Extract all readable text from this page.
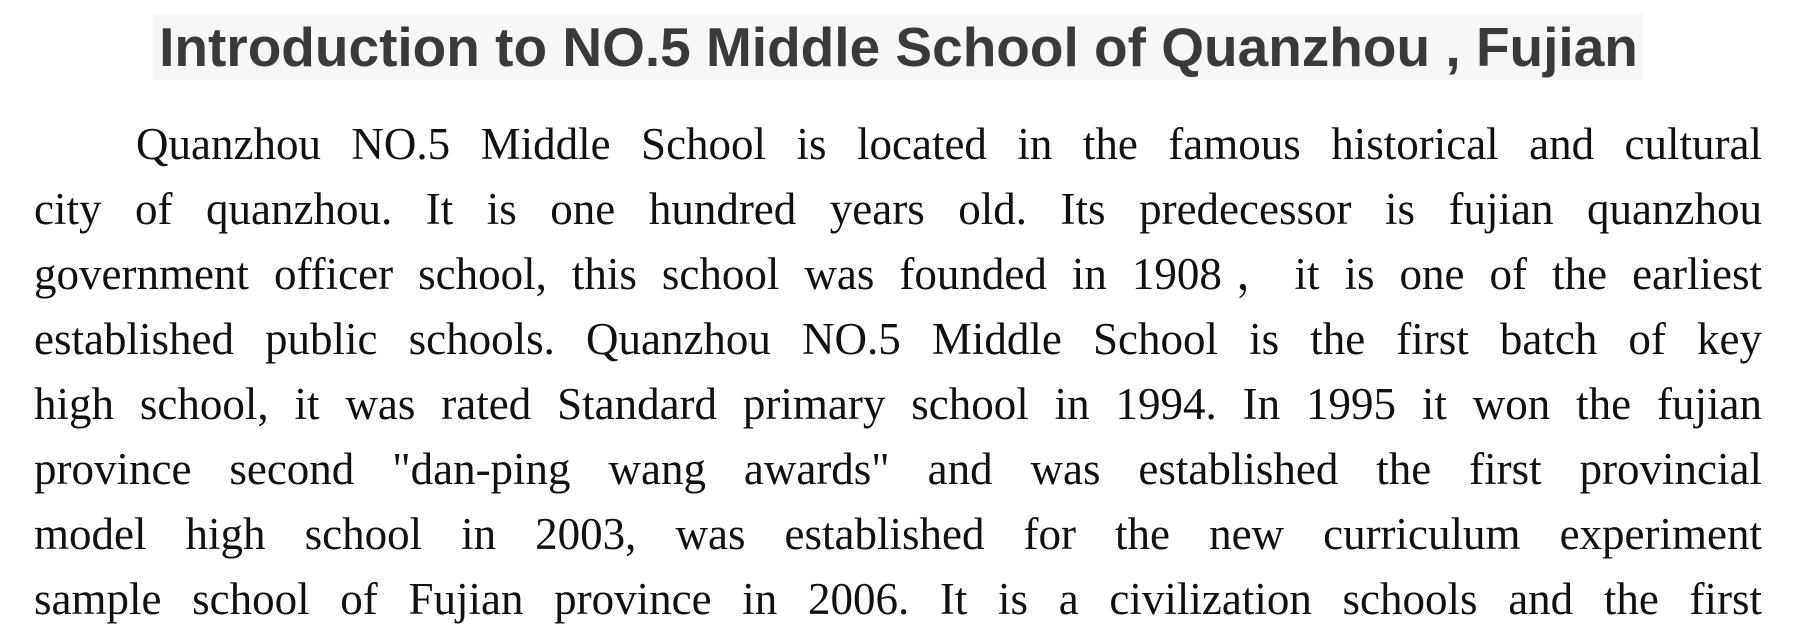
Introduction to NO.5 Middle School of Quanzhou , Fujian

Quanzhou NO.5 Middle School is located in the famous historical and cultural
city of quanzhou. It is one hundred years old. Its predecessor is fujian quanzhou
government officer school, this school was founded in 1908，it is one of the earliest
established public schools. Quanzhou NO.5 Middle School is the first batch of key
high school, it was rated Standard primary school in 1994. In 1995 it won the fujian
province second "dan-ping wang awards" and was established the first provincial
model high school in 2003, was established for the new curriculum experiment
sample school of Fujian province in 2006. It is a civilization schools and the first
